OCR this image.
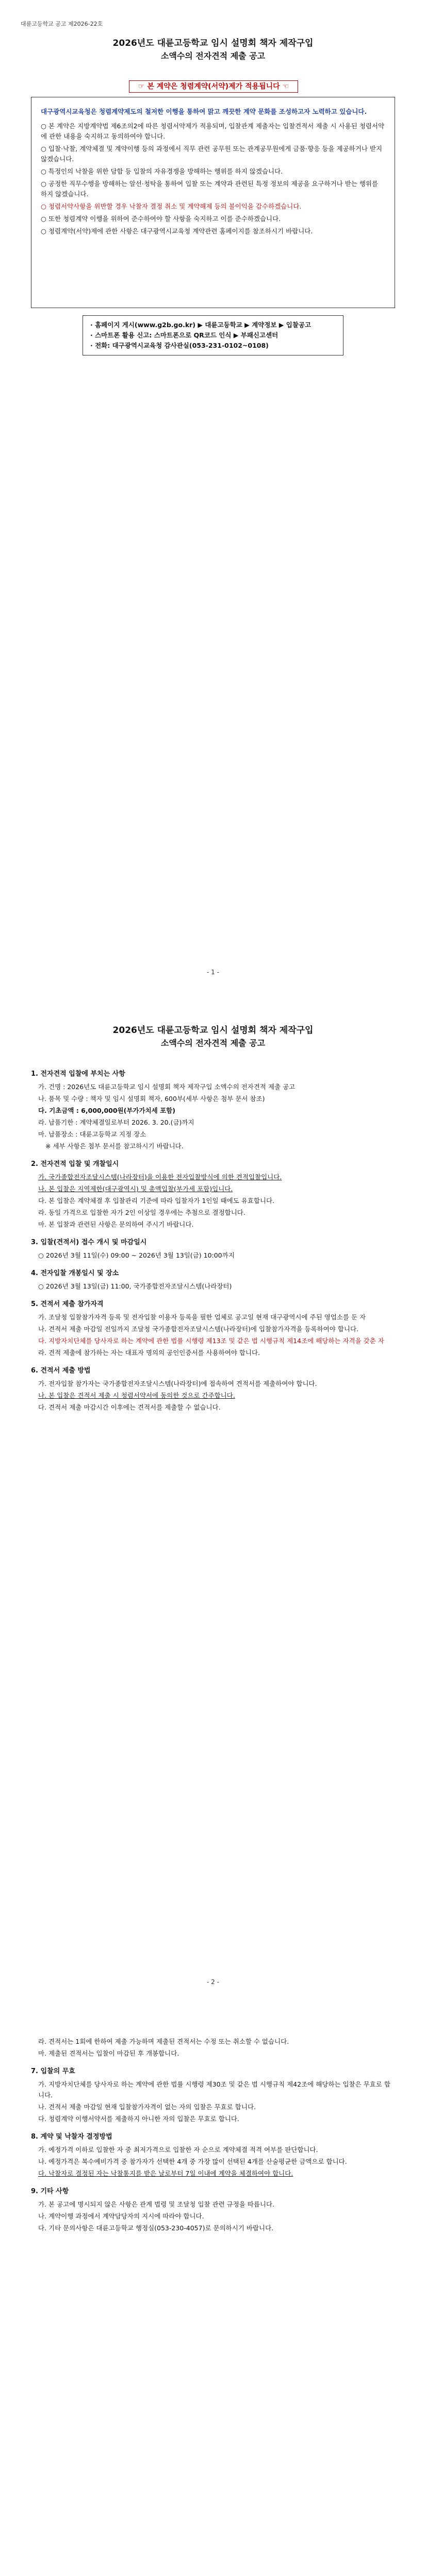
대륜고등학교 공고 제2026-22호
2026년도 대륜고등학교 임시 설명회 책자 제작구입
소액수의 전자견적 제출 공고
☞ 본 계약은 청렴계약(서약)제가 적용됩니다 ☜

대구광역시교육청은 청렴계약제도의 철저한 이행을 통하여 맑고 깨끗한 계약 문화를 조성하고자 노력하고 있습니다.

○ 본 계약은 지방계약법 제6조의2에 따른 청렴서약제가 적용되며, 입찰관계 제출자는 입찰견적서 제출 시 사용된 청렴서약에 관한 내용을 숙지하고 동의하여야 합니다.

○ 입찰·낙찰, 계약체결 및 계약이행 등의 과정에서 직무 관련 공무원 또는 관계공무원에게 금품·향응 등을 제공하거나 받지 않겠습니다.

○ 특정인의 낙찰을 위한 담합 등 입찰의 자유경쟁을 방해하는 행위를 하지 않겠습니다.

○ 공정한 직무수행을 방해하는 알선·청탁을 통하여 입찰 또는 계약과 관련된 특정 정보의 제공을 요구하거나 받는 행위를 하지 않겠습니다.

○ 청렴서약사항을 위반할 경우 낙찰자 결정 취소 및 계약해제 등의 불이익을 감수하겠습니다.

○ 또한 청렴계약 이행을 위하여 준수하여야 할 사항을 숙지하고 이를 준수하겠습니다.

○ 청렴계약(서약)제에 관한 사항은 대구광역시교육청 계약관련 홈페이지를 참조하시기 바랍니다.

· 홈페이지 게시(www.g2b.go.kr) ▶ 대륜고등학교 ▶ 계약정보 ▶ 입찰공고
· 스마트폰 활용 신고: 스마트폰으로 QR코드 인식 ▶ 부패신고센터
· 전화: 대구광역시교육청 감사관실(053-231-0102~0108)
- 1 -
2026년도 대륜고등학교 임시 설명회 책자 제작구입
소액수의 전자견적 제출 공고
1. 전자견적 입찰에 부치는 사항

가. 건명 : 2026년도 대륜고등학교 임시 설명회 책자 제작구입 소액수의 전자견적 제출 공고

나. 품목 및 수량 : 책자 및 임시 설명회 책자, 600부(세부 사항은 첨부 문서 참조)

다. 기초금액 : 6,000,000원(부가가치세 포함)

라. 납품기한 : 계약체결일로부터 2026. 3. 20.(금)까지

마. 납품장소 : 대륜고등학교 지정 장소

※ 세부 사항은 첨부 문서를 참고하시기 바랍니다.

2. 전자견적 입찰 및 개찰일시

가. 국가종합전자조달시스템(나라장터)을 이용한 전자입찰방식에 의한 견적입찰입니다.

나. 본 입찰은 지역제한(대구광역시) 및 총액입찰(부가세 포함)입니다.

다. 본 입찰은 계약체결 후 입찰관리 기준에 따라 입찰자가 1인일 때에도 유효합니다.

라. 동일 가격으로 입찰한 자가 2인 이상일 경우에는 추첨으로 결정합니다.

마. 본 입찰과 관련된 사항은 문의하여 주시기 바랍니다.

3. 입찰(견적서) 접수 개시 및 마감일시

○ 2026년 3월 11일(수) 09:00 ~ 2026년 3월 13일(금) 10:00까지

4. 전자입찰 개봉일시 및 장소

○ 2026년 3월 13일(금) 11:00, 국가종합전자조달시스템(나라장터)

5. 견적서 제출 참가자격

가. 조달청 입찰참가자격 등록 및 전자입찰 이용자 등록을 필한 업체로 공고일 현재 대구광역시에 주된 영업소를 둔 자

나. 견적서 제출 마감일 전일까지 조달청 국가종합전자조달시스템(나라장터)에 입찰참가자격을 등록하여야 합니다.

다. 지방자치단체를 당사자로 하는 계약에 관한 법률 시행령 제13조 및 같은 법 시행규칙 제14조에 해당하는 자격을 갖춘 자

라. 견적 제출에 참가하는 자는 대표자 명의의 공인인증서를 사용하여야 합니다.

6. 견적서 제출 방법

가. 전자입찰 참가자는 국가종합전자조달시스템(나라장터)에 접속하여 견적서를 제출하여야 합니다.

나. 본 입찰은 견적서 제출 시 청렴서약서에 동의한 것으로 간주합니다.

다. 견적서 제출 마감시간 이후에는 견적서를 제출할 수 없습니다.

- 2 -

라. 견적서는 1회에 한하여 제출 가능하며 제출된 견적서는 수정 또는 취소할 수 없습니다.

마. 제출된 견적서는 입찰이 마감된 후 개봉합니다.

7. 입찰의 무효

가. 지방자치단체를 당사자로 하는 계약에 관한 법률 시행령 제30조 및 같은 법 시행규칙 제42조에 해당하는 입찰은 무효로 합니다.

나. 견적서 제출 마감일 현재 입찰참가자격이 없는 자의 입찰은 무효로 합니다.

다. 청렴계약 이행서약서를 제출하지 아니한 자의 입찰은 무효로 합니다.

8. 계약 및 낙찰자 결정방법

가. 예정가격 이하로 입찰한 자 중 최저가격으로 입찰한 자 순으로 계약체결 적격 여부를 판단합니다.

나. 예정가격은 복수예비가격 중 참가자가 선택한 4개 중 가장 많이 선택된 4개를 산술평균한 금액으로 합니다.

다. 낙찰자로 결정된 자는 낙찰통지를 받은 날로부터 7일 이내에 계약을 체결하여야 합니다.

9. 기타 사항

가. 본 공고에 명시되지 않은 사항은 관계 법령 및 조달청 입찰 관련 규정을 따릅니다.

나. 계약이행 과정에서 계약담당자의 지시에 따라야 합니다.

다. 기타 문의사항은 대륜고등학교 행정실(053-230-4057)로 문의하시기 바랍니다.
